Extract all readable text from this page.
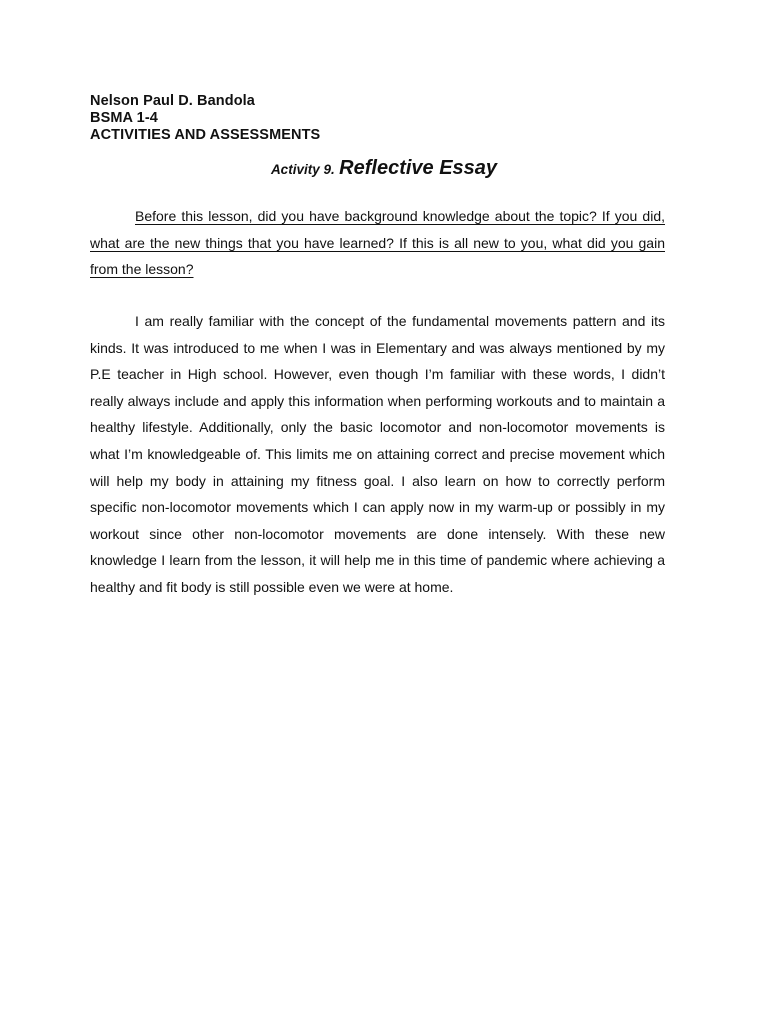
Nelson Paul D. Bandola
BSMA 1-4
ACTIVITIES AND ASSESSMENTS
Activity 9. Reflective Essay

Before this lesson, did you have background knowledge about the topic? If you did, what are the new things that you have learned? If this is all new to you, what did you gain from the lesson?

I am really familiar with the concept of the fundamental movements pattern and its kinds. It was introduced to me when I was in Elementary and was always mentioned by my P.E teacher in High school. However, even though I’m familiar with these words, I didn’t really always include and apply this information when performing workouts and to maintain a healthy lifestyle. Additionally, only the basic locomotor and non-locomotor movements is what I’m knowledgeable of. This limits me on attaining correct and precise movement which will help my body in attaining my fitness goal. I also learn on how to correctly perform specific non-locomotor movements which I can apply now in my warm-up or possibly in my workout since other non-locomotor movements are done intensely. With these new knowledge I learn from the lesson, it will help me in this time of pandemic where achieving a healthy and fit body is still possible even we were at home.
